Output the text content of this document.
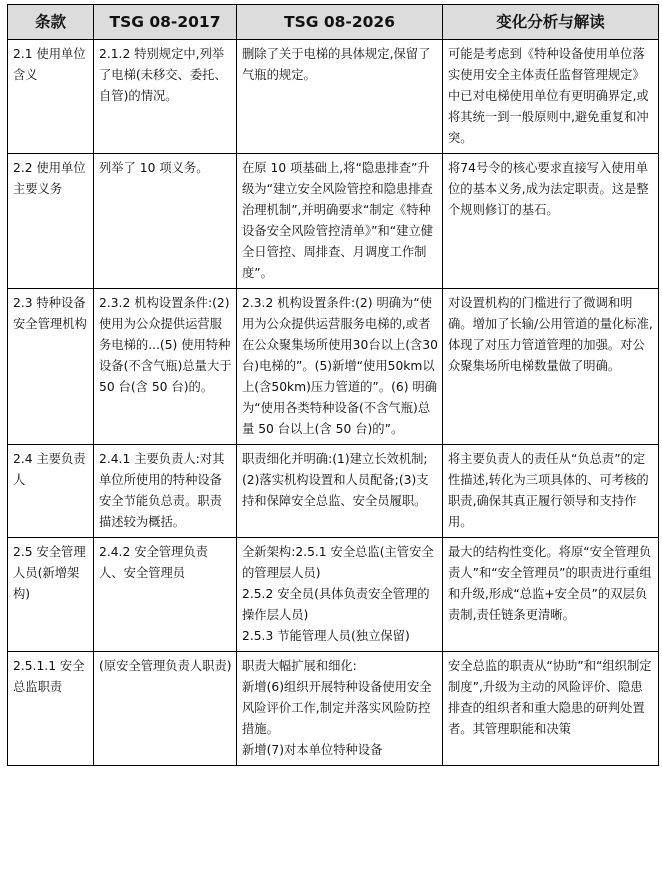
条款	TSG 08-2017	TSG 08-2026	变化分析与解读
2.1 使用单位含义	2.1.2 特别规定中,列举了电梯(未移交、委托、自管)的情况。	删除了关于电梯的具体规定,保留了气瓶的规定。	可能是考虑到《特种设备使用单位落实使用安全主体责任监督管理规定》中已对电梯使用单位有更明确界定,或将其统一到一般原则中,避免重复和冲突。
2.2 使用单位主要义务	列举了 10 项义务。	在原 10 项基础上,将“隐患排查”升级为“建立安全风险管控和隐患排查治理机制”,并明确要求“制定《特种设备安全风险管控清单》”和“建立健全日管控、周排查、月调度工作制度”。	将74号令的核心要求直接写入使用单位的基本义务,成为法定职责。这是整个规则修订的基石。
2.3 特种设备安全管理机构	2.3.2 机构设置条件:(2) 使用为公众提供运营服务电梯的...(5) 使用特种设备(不含气瓶)总量大于 50 台(含 50 台)的。	2.3.2 机构设置条件:(2) 明确为“使用为公众提供运营服务电梯的,或者在公众聚集场所使用30台以上(含30台)电梯的”。(5)新增“使用50km以上(含50km)压力管道的”。(6) 明确为“使用各类特种设备(不含气瓶)总量 50 台以上(含 50 台)的”。	对设置机构的门槛进行了微调和明确。增加了长输/公用管道的量化标准,体现了对压力管道管理的加强。对公众聚集场所电梯数量做了明确。
2.4 主要负责人	2.4.1 主要负责人:对其单位所使用的特种设备安全节能负总责。职责描述较为概括。	职责细化并明确:(1)建立长效机制;(2)落实机构设置和人员配备;(3)支持和保障安全总监、安全员履职。	将主要负责人的责任从“负总责”的定性描述,转化为三项具体的、可考核的职责,确保其真正履行领导和支持作用。
2.5 安全管理人员(新增架构)	2.4.2 安全管理负责人、安全管理员	全新架构:2.5.1 安全总监(主管安全的管理层人员)
2.5.2 安全员(具体负责安全管理的操作层人员)
2.5.3 节能管理人员(独立保留)	最大的结构性变化。将原“安全管理负责人”和“安全管理员”的职责进行重组和升级,形成“总监+安全员”的双层负责制,责任链条更清晰。
2.5.1.1 安全总监职责	(原安全管理负责人职责)	职责大幅扩展和细化:
新增(6)组织开展特种设备使用安全风险评价工作,制定并落实风险防控措施。
新增(7)对本单位特种设备	安全总监的职责从“协助”和“组织制定制度”,升级为主动的风险评价、隐患排查的组织者和重大隐患的研判处置者。其管理职能和决策
